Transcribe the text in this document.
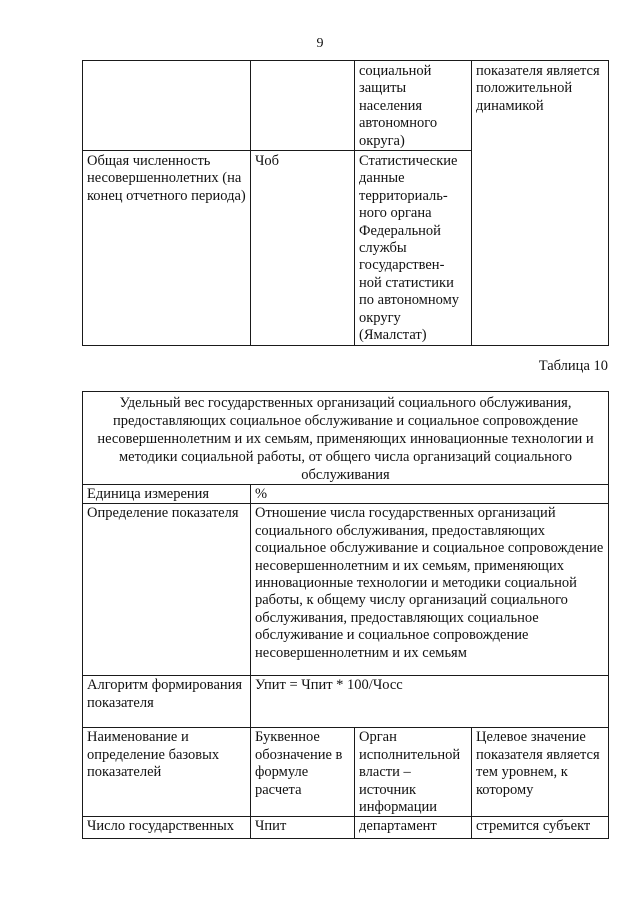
9
		социальной защиты населения автономного округа)	показателя является положительной динамикой
Общая численность несовершеннолетних (на конец отчетного периода)	Чоб	Статистические данные территориаль-ного органа Федеральной службы государствен-ной статистики по автономному округу (Ямалстат)	
Таблица 10
Удельный вес государственных организаций социального обслуживания, предоставляющих социальное обслуживание и социальное сопровождение несовершеннолетним и их семьям, применяющих инновационные технологии и методики социальной работы, от общего числа организаций социального обслуживания			
Единица измерения	%		
Определение показателя	Отношение числа государственных организаций социального обслуживания, предоставляющих социальное обслуживание и социальное сопровождение несовершеннолетним и их семьям, применяющих инновационные технологии и методики социальной работы, к общему числу организаций социального обслуживания, предоставляющих социальное обслуживание и социальное сопровождение несовершеннолетним и их семьям		
Алгоритм формирования показателя	Упит = Чпит * 100/Чосс		
Наименование и определение базовых показателей	Буквенное обозначение в формуле расчета	Орган исполнительной власти – источник информации	Целевое значение показателя является тем уровнем, к которому
Число государственных	Чпит	департамент	стремится субъект
